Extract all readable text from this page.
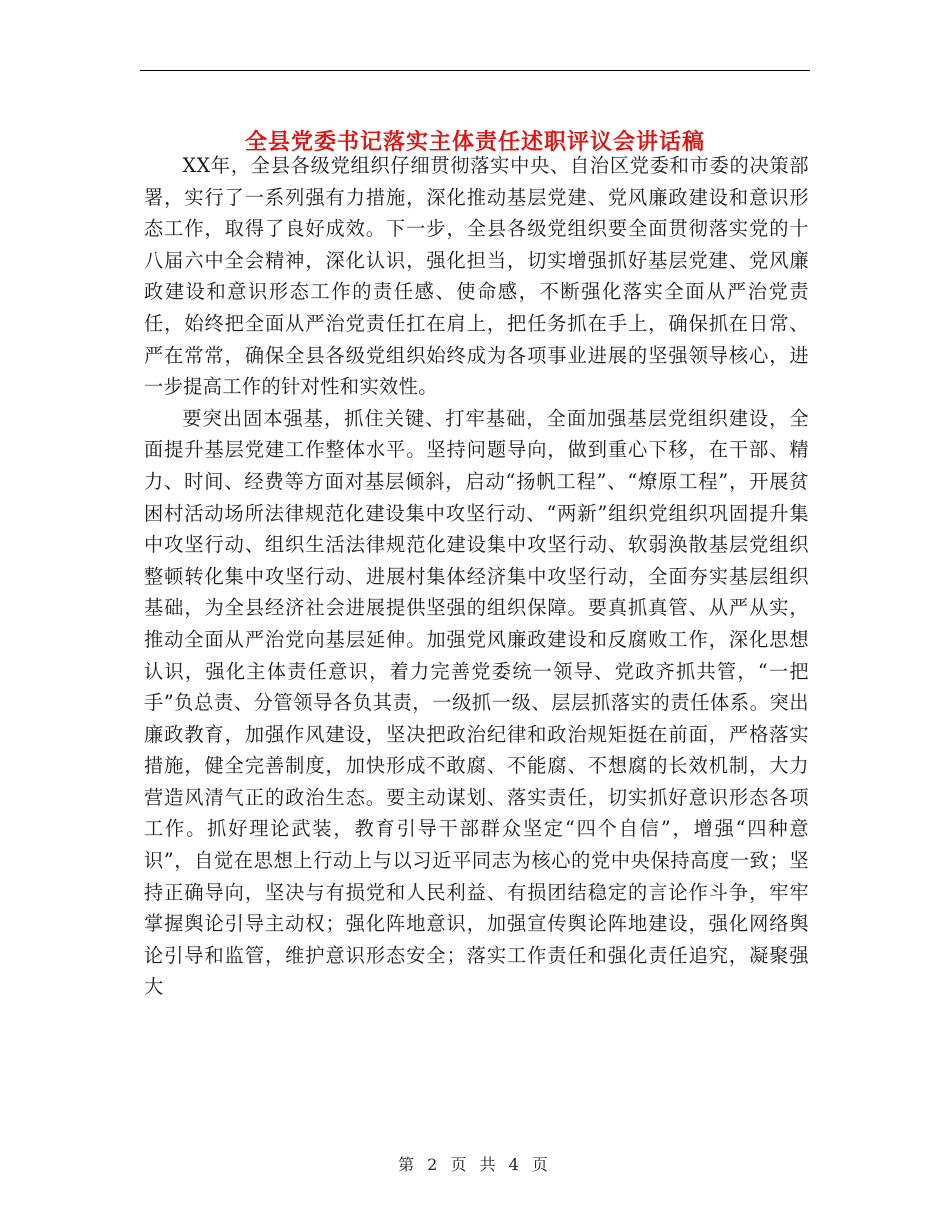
全县党委书记落实主体责任述职评议会讲话稿

XX年，全县各级党组织仔细贯彻落实中央、自治区党委和市委的决策部署，实行了一系列强有力措施，深化推动基层党建、党风廉政建设和意识形态工作，取得了良好成效。下一步，全县各级党组织要全面贯彻落实党的十八届六中全会精神，深化认识，强化担当，切实增强抓好基层党建、党风廉政建设和意识形态工作的责任感、使命感，不断强化落实全面从严治党责任，始终把全面从严治党责任扛在肩上，把任务抓在手上，确保抓在日常、严在常常，确保全县各级党组织始终成为各项事业进展的坚强领导核心，进一步提高工作的针对性和实效性。

要突出固本强基，抓住关键、打牢基础，全面加强基层党组织建设，全面提升基层党建工作整体水平。坚持问题导向，做到重心下移，在干部、精力、时间、经费等方面对基层倾斜，启动“扬帆工程”、“燎原工程”，开展贫困村活动场所法律规范化建设集中攻坚行动、“两新”组织党组织巩固提升集中攻坚行动、组织生活法律规范化建设集中攻坚行动、软弱涣散基层党组织整顿转化集中攻坚行动、进展村集体经济集中攻坚行动，全面夯实基层组织基础，为全县经济社会进展提供坚强的组织保障。要真抓真管、从严从实，推动全面从严治党向基层延伸。加强党风廉政建设和反腐败工作，深化思想认识，强化主体责任意识，着力完善党委统一领导、党政齐抓共管，“一把手”负总责、分管领导各负其责，一级抓一级、层层抓落实的责任体系。突出廉政教育，加强作风建设，坚决把政治纪律和政治规矩挺在前面，严格落实措施，健全完善制度，加快形成不敢腐、不能腐、不想腐的长效机制，大力营造风清气正的政治生态。要主动谋划、落实责任，切实抓好意识形态各项工作。抓好理论武装，教育引导干部群众坚定“四个自信”，增强“四种意识”，自觉在思想上行动上与以习近平同志为核心的党中央保持高度一致；坚持正确导向，坚决与有损党和人民利益、有损团结稳定的言论作斗争，牢牢掌握舆论引导主动权；强化阵地意识，加强宣传舆论阵地建设，强化网络舆论引导和监管，维护意识形态安全；落实工作责任和强化责任追究，凝聚强大

第 2 页 共 4 页
